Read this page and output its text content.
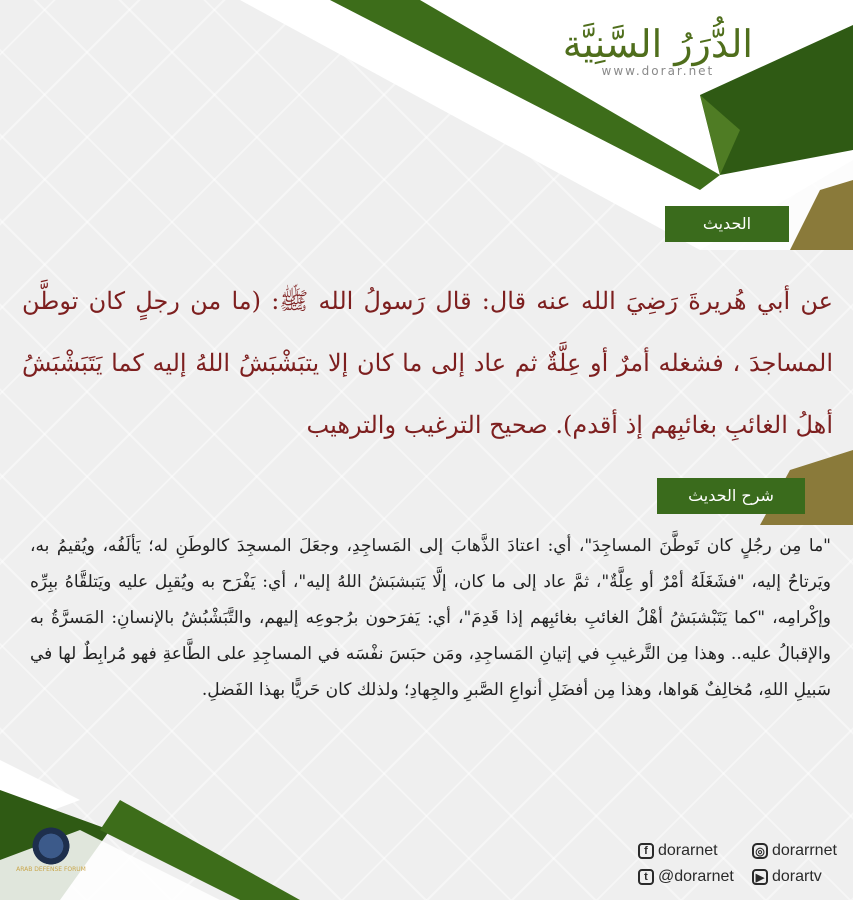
الدُّرَرُ السَّنِيَّة
www.dorar.net
الحديث
عن أبي هُريرةَ رَضِيَ الله عنه قال: قال رَسولُ الله ﷺ: (ما من رجلٍ كان توطَّن المساجدَ ، فشغله أمرٌ أو عِلَّةٌ ثم عاد إلى ما كان إلا يتبَشْبَشُ اللهُ إليه كما يَتَبَشْبَشُ أهلُ الغائبِ بغائبِهم إذ أقدم). صحيح الترغيب والترهيب
شرح الحديث
"ما مِن رجُلٍ كان تَوطَّنَ المساجِدَ"، أي: اعتادَ الذَّهابَ إلى المَساجِدِ، وجعَلَ المسجِدَ كالوطَنِ له؛ يَألَفُه، ويُقيمُ به، ويَرتاحُ إليه، "فشَغَلَهُ أمْرٌ أو عِلَّةٌ"، ثمَّ عاد إلى ما كان، إلَّا يَتبشبَشُ اللهُ إليه"، أي: يَفْرَح به ويُقبِل عليه ويَتلقَّاهُ ببِرِّه وإكْرامِه، "كما يَتَبْشبَشُ أهْلُ الغائبِ بغائبِهم إذا قَدِمَ"، أي: يَفرَحون برُجوعِه إليهم، والتَّبَشْبُشُ بالإنسانِ: المَسرَّةُ به والإقبالُ عليه.. وهذا مِن التَّرغيبِ في إتيانِ المَساجِدِ، ومَن حبَسَ نفْسَه في المساجِدِ على الطَّاعةِ فهو مُرابِطٌ لها في سَبيلِ اللهِ، مُخالِفٌ هَواها، وهذا مِن أفضَلِ أنواعِ الصَّبرِ والجِهادِ؛ ولذلك كان حَريًّا بهذا الفَضلِ.
f dorarnet	◎ dorarrnet
t @dorarnet	▶ dorartv
ARAB DEFENSE FORUM
